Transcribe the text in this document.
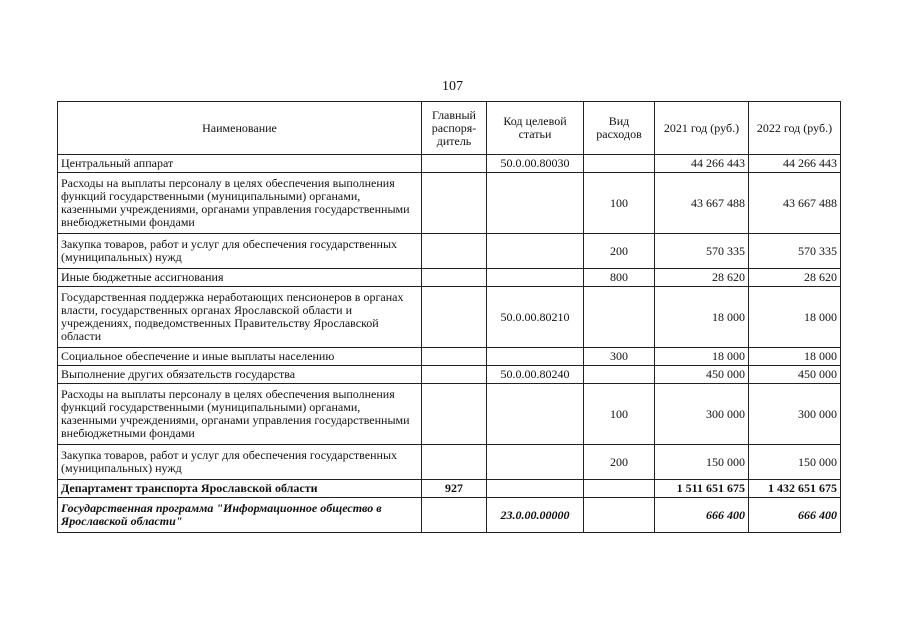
107
Наименование	Главный распоря-дитель	Код целевой статьи	Вид расходов	2021 год (руб.)	2022 год (руб.)
Центральный аппарат		50.0.00.80030		44 266 443	44 266 443
Расходы на выплаты персоналу в целях обеспечения выполнения функций государственными (муниципальными) органами, казенными учреждениями, органами управления государственными внебюджетными фондами			100	43 667 488	43 667 488
Закупка товаров, работ и услуг для обеспечения государственных (муниципальных) нужд			200	570 335	570 335
Иные бюджетные ассигнования			800	28 620	28 620
Государственная поддержка неработающих пенсионеров в органах власти, государственных органах Ярославской области и учреждениях, подведомственных Правительству Ярославской области		50.0.00.80210		18 000	18 000
Социальное обеспечение и иные выплаты населению			300	18 000	18 000
Выполнение других обязательств государства		50.0.00.80240		450 000	450 000
Расходы на выплаты персоналу в целях обеспечения выполнения функций государственными (муниципальными) органами, казенными учреждениями, органами управления государственными внебюджетными фондами			100	300 000	300 000
Закупка товаров, работ и услуг для обеспечения государственных (муниципальных) нужд			200	150 000	150 000
Департамент транспорта Ярославской области	927			1 511 651 675	1 432 651 675
Государственная программа "Информационное общество в Ярославской области"		23.0.00.00000		666 400	666 400
